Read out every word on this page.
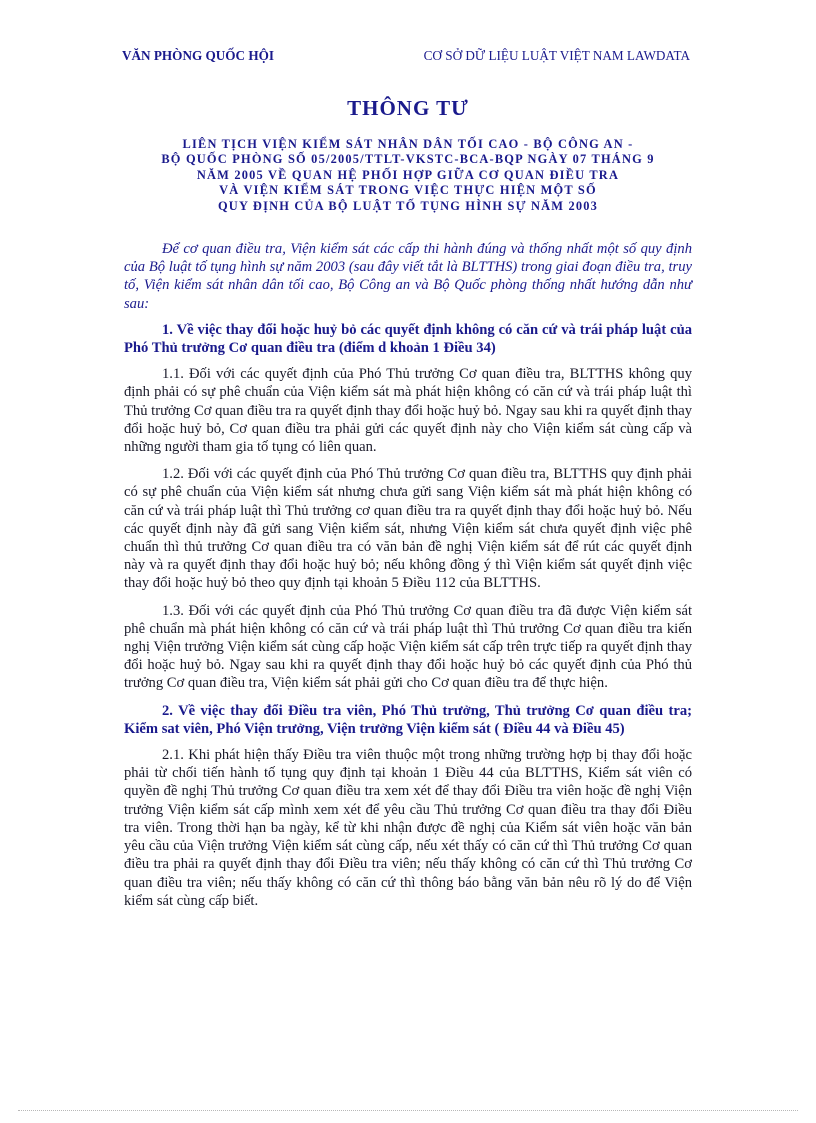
VĂN PHÒNG QUỐC HỘI	CƠ SỞ DỮ LIỆU LUẬT VIỆT NAM LAWDATA
THÔNG TƯ
LIÊN TỊCH VIỆN KIỂM SÁT NHÂN DÂN TỐI CAO - BỘ CÔNG AN -
BỘ QUỐC PHÒNG SỐ 05/2005/TTLT-VKSTC-BCA-BQP NGÀY 07 THÁNG 9
NĂM 2005 VỀ QUAN HỆ PHỐI HỢP GIỮA CƠ QUAN ĐIỀU TRA
VÀ VIỆN KIỂM SÁT TRONG VIỆC THỰC HIỆN MỘT SỐ
QUY ĐỊNH CỦA BỘ LUẬT TỐ TỤNG HÌNH SỰ NĂM 2003

Để cơ quan điều tra, Viện kiểm sát các cấp thi hành đúng và thống nhất một số quy định của Bộ luật tố tụng hình sự năm 2003 (sau đây viết tắt là BLTTHS) trong giai đoạn điều tra, truy tố, Viện kiểm sát nhân dân tối cao, Bộ Công an và Bộ Quốc phòng thống nhất hướng dẫn như sau:

1. Về việc thay đổi hoặc huỷ bỏ các quyết định không có căn cứ và trái pháp luật của Phó Thủ trưởng Cơ quan điều tra (điểm d khoản 1 Điều 34)

1.1. Đối với các quyết định của Phó Thủ trưởng Cơ quan điều tra, BLTTHS không quy định phải có sự phê chuẩn của Viện kiểm sát mà phát hiện không có căn cứ và trái pháp luật thì Thủ trưởng Cơ quan điều tra ra quyết định thay đổi hoặc huỷ bỏ. Ngay sau khi ra quyết định thay đổi hoặc huỷ bỏ, Cơ quan điều tra phải gửi các quyết định này cho Viện kiểm sát cùng cấp và những người tham gia tố tụng có liên quan.

1.2. Đối với các quyết định của Phó Thủ trưởng Cơ quan điều tra, BLTTHS quy định phải có sự phê chuẩn của Viện kiểm sát nhưng chưa gửi sang Viện kiểm sát mà phát hiện không có căn cứ và trái pháp luật thì Thủ trưởng cơ quan điều tra ra quyết định thay đổi hoặc huỷ bỏ. Nếu các quyết định này đã gửi sang Viện kiểm sát, nhưng Viện kiểm sát chưa quyết định việc phê chuẩn thì thủ trưởng Cơ quan điều tra có văn bản đề nghị Viện kiểm sát để rút các quyết định này và ra quyết định thay đổi hoặc huỷ bỏ; nếu không đồng ý thì Viện kiểm sát quyết định việc thay đổi hoặc huỷ bỏ theo quy định tại khoản 5 Điều 112 của BLTTHS.

1.3. Đối với các quyết định của Phó Thủ trưởng Cơ quan điều tra đã được Viện kiểm sát phê chuẩn mà phát hiện không có căn cứ và trái pháp luật thì Thủ trưởng Cơ quan điều tra kiến nghị Viện trưởng Viện kiểm sát cùng cấp hoặc Viện kiểm sát cấp trên trực tiếp ra quyết định thay đổi hoặc huỷ bỏ. Ngay sau khi ra quyết định thay đổi hoặc huỷ bỏ các quyết định của Phó thủ trưởng Cơ quan điều tra, Viện kiểm sát phải gửi cho Cơ quan điều tra để thực hiện.

2. Về việc thay đổi Điều tra viên, Phó Thủ trưởng, Thủ trưởng Cơ quan điều tra; Kiểm sat viên, Phó Viện trưởng, Viện trưởng Viện kiểm sát ( Điều 44 và Điều 45)

2.1. Khi phát hiện thấy Điều tra viên thuộc một trong những trường hợp bị thay đổi hoặc phải từ chối tiến hành tố tụng quy định tại khoản 1 Điều 44 của BLTTHS, Kiểm sát viên có quyền đề nghị Thủ trưởng Cơ quan điều tra xem xét để thay đổi Điều tra viên hoặc đề nghị Viện trưởng Viện kiểm sát cấp mình xem xét để yêu cầu Thủ trưởng Cơ quan điều tra thay đổi Điều tra viên. Trong thời hạn ba ngày, kể từ khi nhận được đề nghị của Kiểm sát viên hoặc văn bản yêu cầu của Viện trưởng Viện kiểm sát cùng cấp, nếu xét thấy có căn cứ thì Thủ trưởng Cơ quan điều tra phải ra quyết định thay đổi Điều tra viên; nếu thấy không có căn cứ thì Thủ trưởng Cơ quan điều tra viên; nếu thấy không có căn cứ thì thông báo bằng văn bản nêu rõ lý do để Viện kiểm sát cùng cấp biết.
